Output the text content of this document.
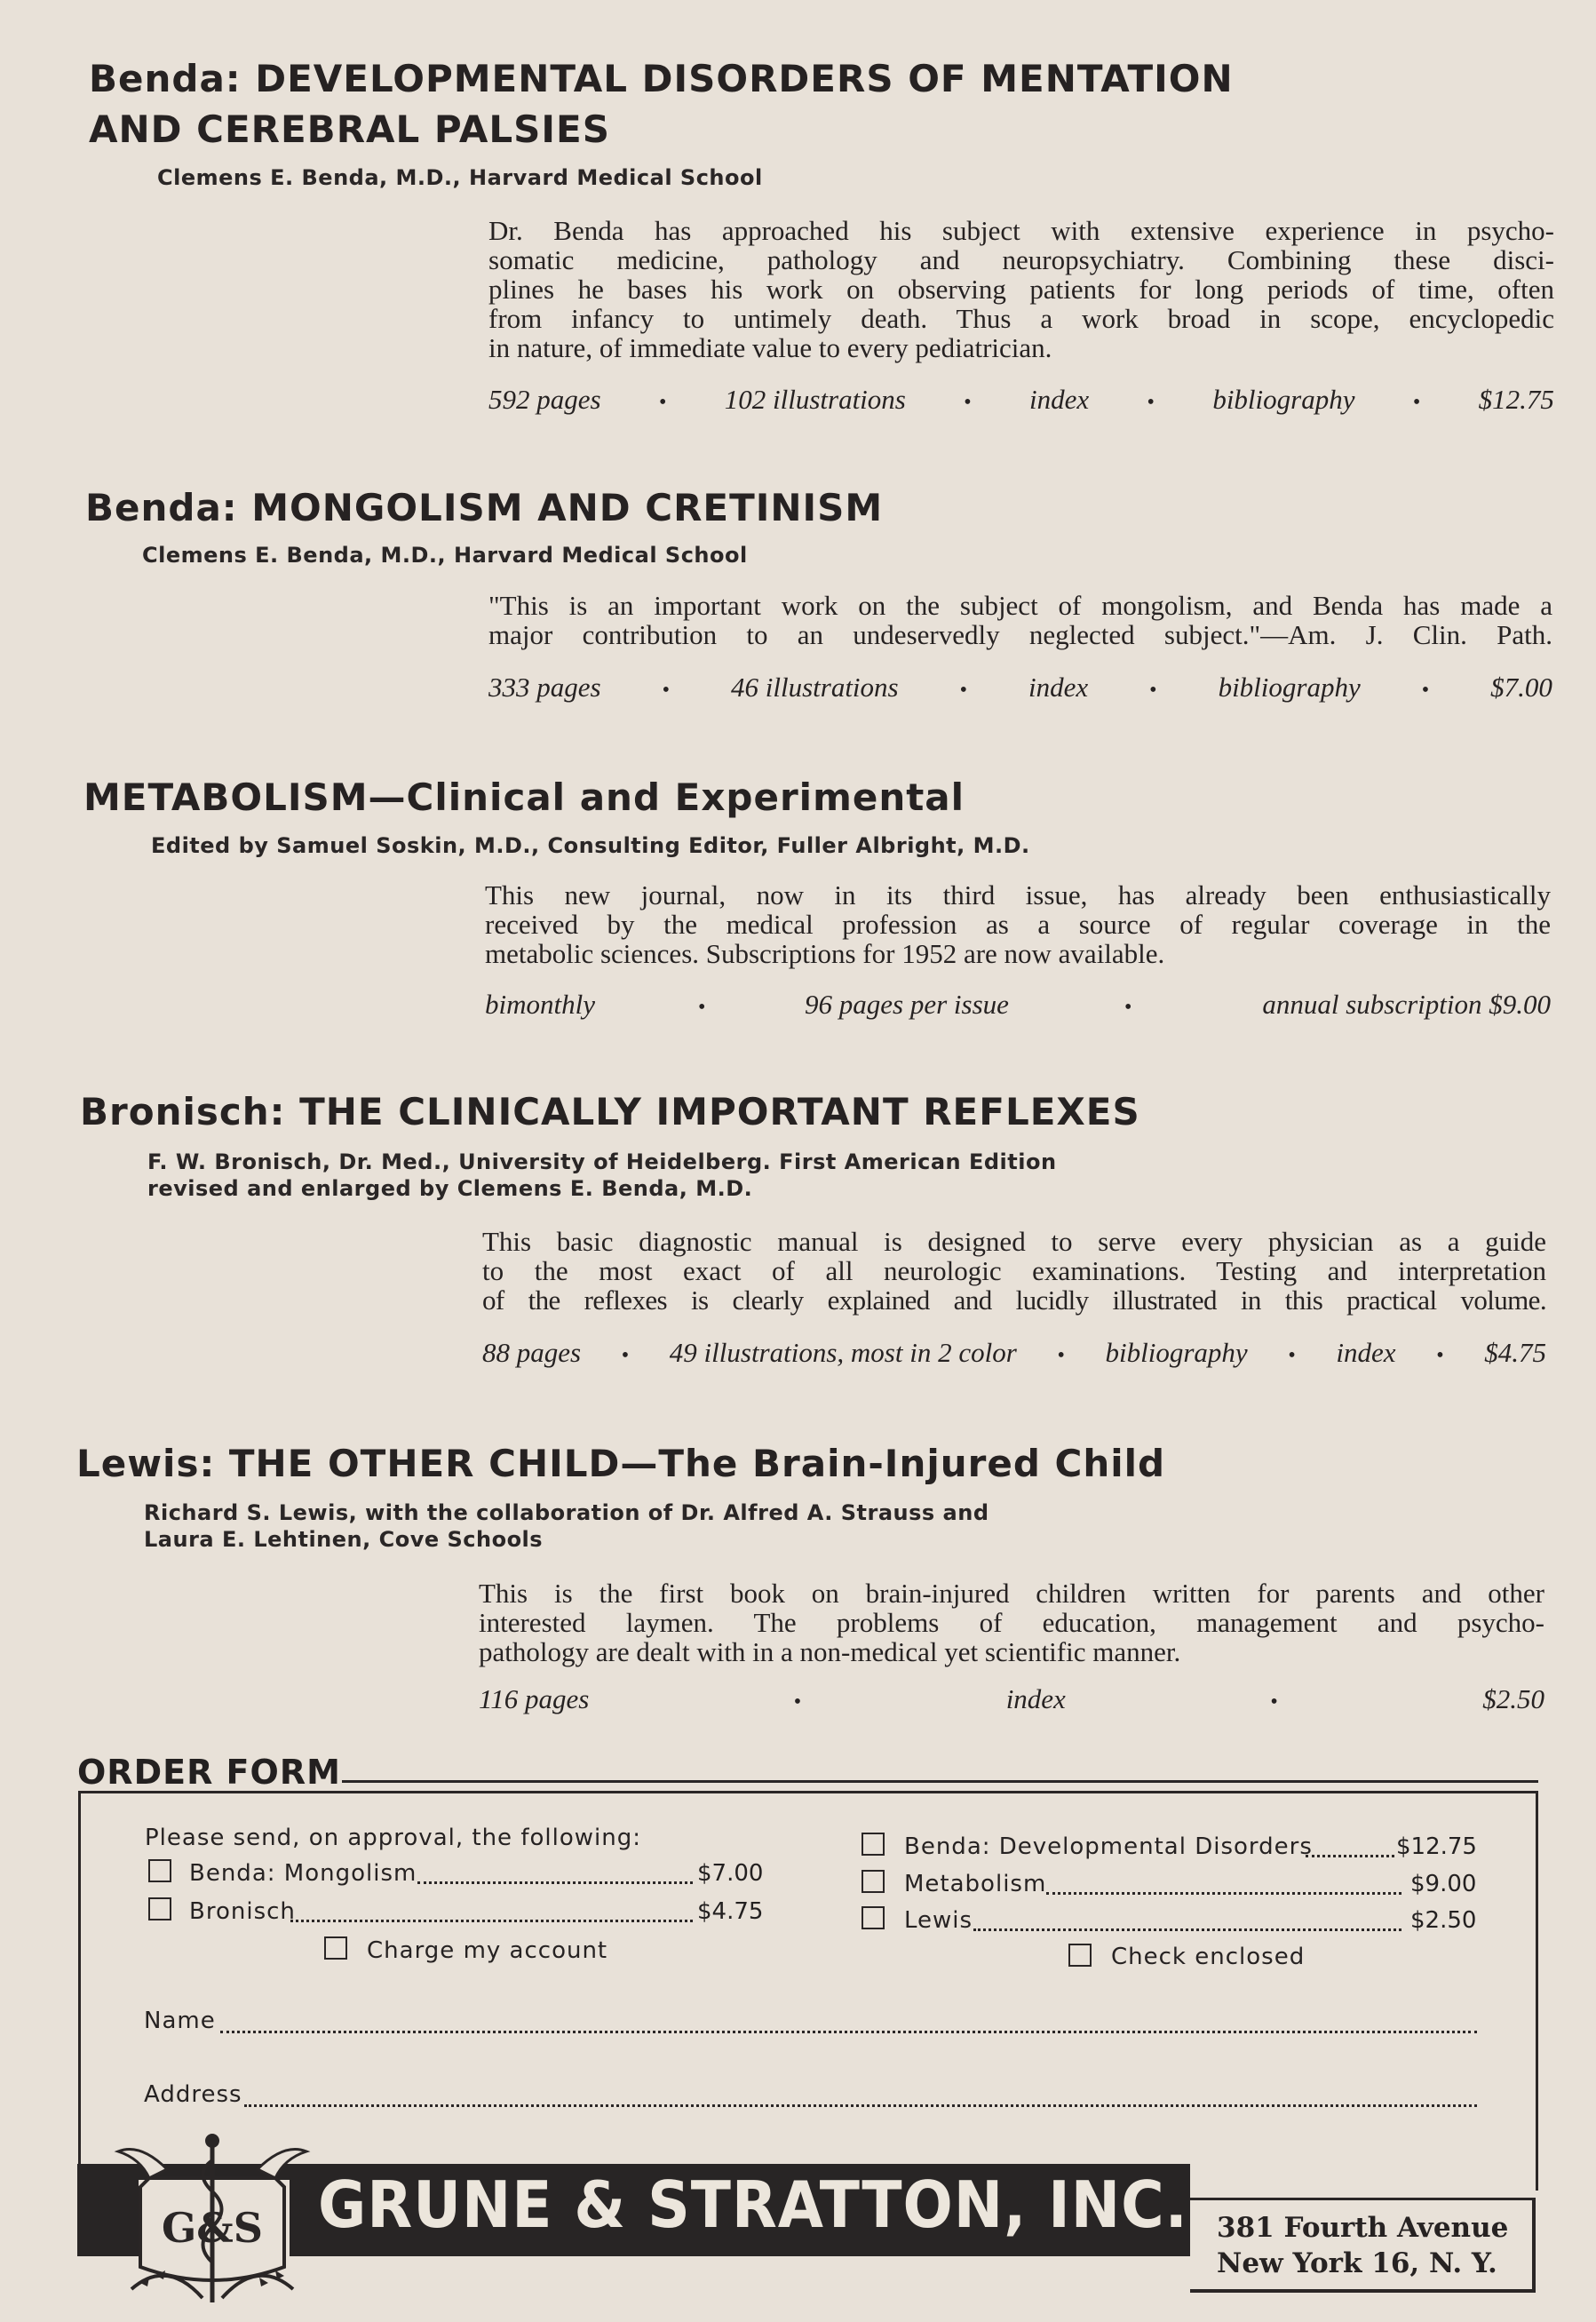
Benda: DEVELOPMENTAL DISORDERS OF MENTATION
AND CEREBRAL PALSIES
Clemens E. Benda, M.D., Harvard Medical School
Dr. Benda has approached his subject with extensive experience in psycho-
somatic medicine, pathology and neuropsychiatry. Combining these disci-
plines he bases his work on observing patients for long periods of time, often
from infancy to untimely death. Thus a work broad in scope, encyclopedic
in nature, of immediate value to every pediatrician.
592 pages	• 102 illustrations	• index	• bibliography	• $12.75
Benda: MONGOLISM AND CRETINISM
Clemens E. Benda, M.D., Harvard Medical School
"This is an important work on the subject of mongolism, and Benda has made a
major contribution to an undeservedly neglected subject."—Am. J. Clin. Path.
333 pages	• 46 illustrations	• index	• bibliography	• $7.00
METABOLISM—Clinical and Experimental
Edited by Samuel Soskin, M.D., Consulting Editor, Fuller Albright, M.D.
This new journal, now in its third issue, has already been enthusiastically
received by the medical profession as a source of regular coverage in the
metabolic sciences. Subscriptions for 1952 are now available.
bimonthly	•	96 pages per issue	•	annual subscription $9.00
Bronisch: THE CLINICALLY IMPORTANT REFLEXES
F. W. Bronisch, Dr. Med., University of Heidelberg. First American Edition
revised and enlarged by Clemens E. Benda, M.D.
This basic diagnostic manual is designed to serve every physician as a guide
to the most exact of all neurologic examinations. Testing and interpretation
of the reflexes is clearly explained and lucidly illustrated in this practical volume.
88 pages • 49 illustrations, most in 2 color • bibliography • index • $4.75
Lewis: THE OTHER CHILD—The Brain-Injured Child
Richard S. Lewis, with the collaboration of Dr. Alfred A. Strauss and
Laura E. Lehtinen, Cove Schools
This is the first book on brain-injured children written for parents and other
interested laymen. The problems of education, management and psycho-
pathology are dealt with in a non-medical yet scientific manner.
116 pages	•	index	•	$2.50
ORDER FORM
Please send, on approval, the following:
Benda: Mongolism	$7.00
Bronisch	$4.75
Charge my account
Benda: Developmental Disorders	$12.75
Metabolism	$9.00
Lewis	$2.50
Check enclosed
Name
Address
G&S GRUNE & STRATTON, INC. 381 Fourth Avenue
New York 16, N. Y.
